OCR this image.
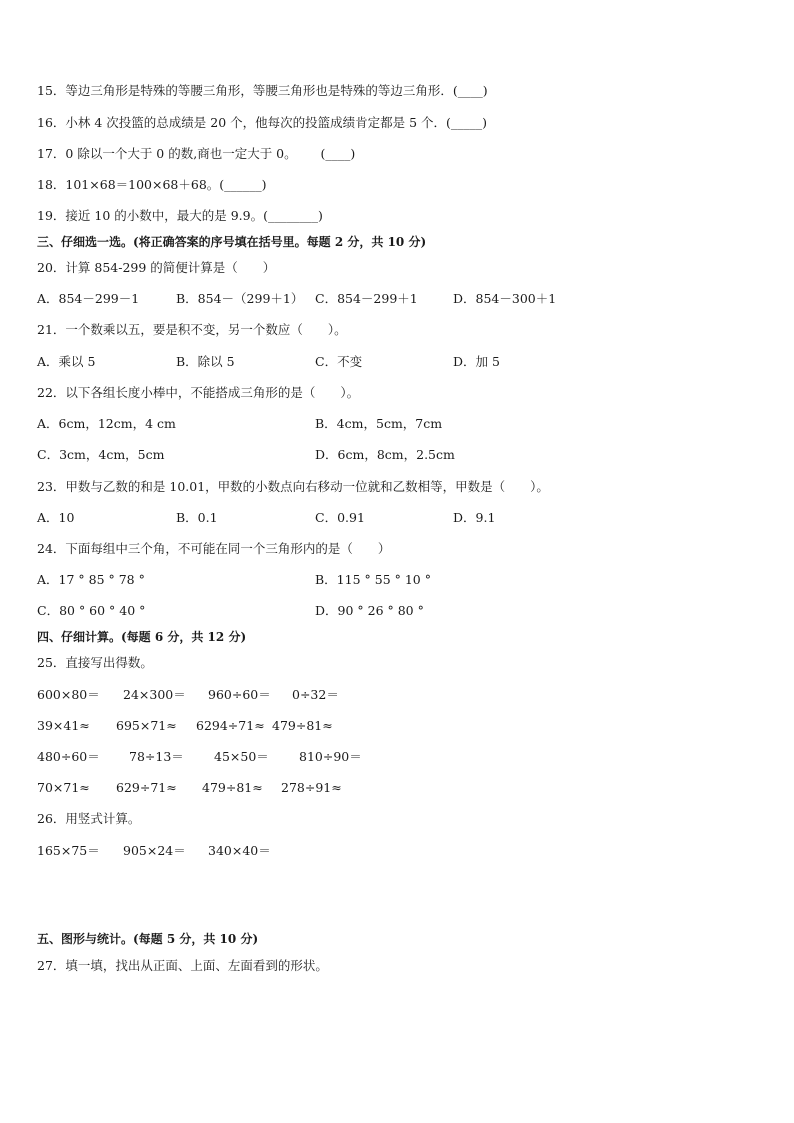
15．等边三角形是特殊的等腰三角形，等腰三角形也是特殊的等边三角形．(____)
16．小林 4 次投篮的总成绩是 20 个，他每次的投篮成绩肯定都是 5 个．(_____)
17．0 除以一个大于 0 的数,商也一定大于 0。      (____)
18．101×68＝100×68＋68。(______)
19．接近 10 的小数中，最大的是 9.9。(________)
三、仔细选一选。(将正确答案的序号填在括号里。每题 2 分，共 10 分)
20．计算 854-299 的简便计算是（　　）
A．854－299－1	B．854－（299＋1） C．854－299＋1	D．854－300＋1
21．一个数乘以五，要是积不变，另一个数应（　　）。
A．乘以 5	B．除以 5	C．不变	D．加 5
22．以下各组长度小棒中，不能搭成三角形的是（　　）。
A．6cm，12cm，4 cm	B．4cm，5cm，7cm
C．3cm，4cm，5cm	D．6cm，8cm，2.5cm
23．甲数与乙数的和是 10.01，甲数的小数点向右移动一位就和乙数相等，甲数是（　　）。
A．10	B．0.1	C．0.91	D．9.1
24．下面每组中三个角，不可能在同一个三角形内的是（　　）
A．17 ° 85 ° 78 °	B．115 ° 55 ° 10 °
C．80 ° 60 ° 40 °	D．90 ° 26 ° 80 °
四、仔细计算。(每题 6 分，共 12 分)
25．直接写出得数。
600×80＝ 24×300＝ 960÷60＝ 0÷32＝
39×41≈ 695×71≈ 6294÷71≈ 479÷81≈
480÷60＝ 78÷13＝ 45×50＝ 810÷90＝
70×71≈ 629÷71≈ 479÷81≈ 278÷91≈
26．用竖式计算。
165×75＝ 905×24＝ 340×40＝
五、图形与统计。(每题 5 分，共 10 分)
27．填一填，找出从正面、上面、左面看到的形状。
